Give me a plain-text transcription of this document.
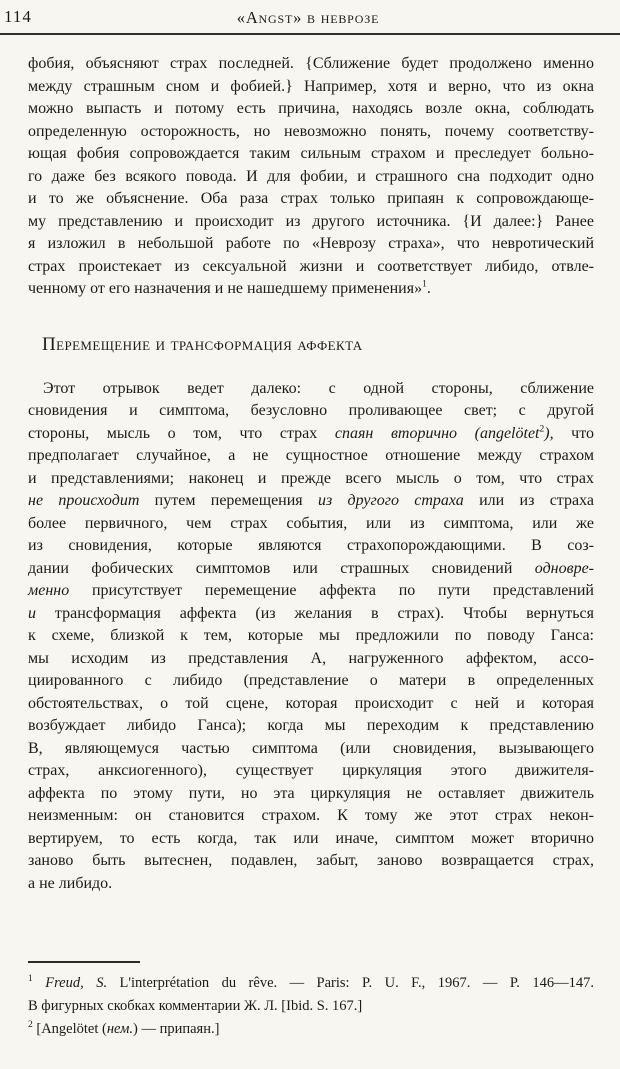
114	«Angst» в неврозе
фобия, объясняют страх последней. {Сближение будет продолжено именно
между страшным сном и фобией.} Например, хотя и верно, что из окна
можно выпасть и потому есть причина, находясь возле окна, соблюдать
определенную осторожность, но невозможно понять, почему соответству-
ющая фобия сопровождается таким сильным страхом и преследует больно-
го даже без всякого повода. И для фобии, и страшного сна подходит одно
и то же объяснение. Оба раза страх только припаян к сопровождающе-
му представлению и происходит из другого источника. {И далее:} Ранее
я изложил в небольшой работе по «Неврозу страха», что невротический
страх проистекает из сексуальной жизни и соответствует либидо, отвле-
ченному от его назначения и не нашедшему применения»$^1$.
Перемещение и трансформация аффекта
Этот отрывок ведет далеко: с одной стороны, сближение
сновидения и симптома, безусловно проливающее свет; с другой
стороны, мысль о том, что страх спаян вторично (angelötet$^2$), что
предполагает случайное, а не сущностное отношение между страхом
и представлениями; наконец и прежде всего мысль о том, что страх
не происходит путем перемещения из другого страха или из страха
более первичного, чем страх события, или из симптома, или же
из сновидения, которые являются страхопорождающими. В соз-
дании фобических симптомов или страшных сновидений одновре-
менно присутствует перемещение аффекта по пути представлений
и трансформация аффекта (из желания в страх). Чтобы вернуться
к схеме, близкой к тем, которые мы предложили по поводу Ганса:
мы исходим из представления А, нагруженного аффектом, ассо-
циированного с либидо (представление о матери в определенных
обстоятельствах, о той сцене, которая происходит с ней и которая
возбуждает либидо Ганса); когда мы переходим к представлению
В, являющемуся частью симптома (или сновидения, вызывающего
страх, анксиогенного), существует циркуляция этого движителя-
аффекта по этому пути, но эта циркуляция не оставляет движитель
неизменным: он становится страхом. К тому же этот страх некон-
вертируем, то есть когда, так или иначе, симптом может вторично
заново быть вытеснен, подавлен, забыт, заново возвращается страх,
а не либидо.
$^1$ Freud, S. L'interprétation du rêve. — Paris: P. U. F., 1967. — P. 146—147.
В фигурных скобках комментарии Ж. Л. [Ibid. S. 167.]
$^2$ [Angelötet (нем.) — припаян.]
